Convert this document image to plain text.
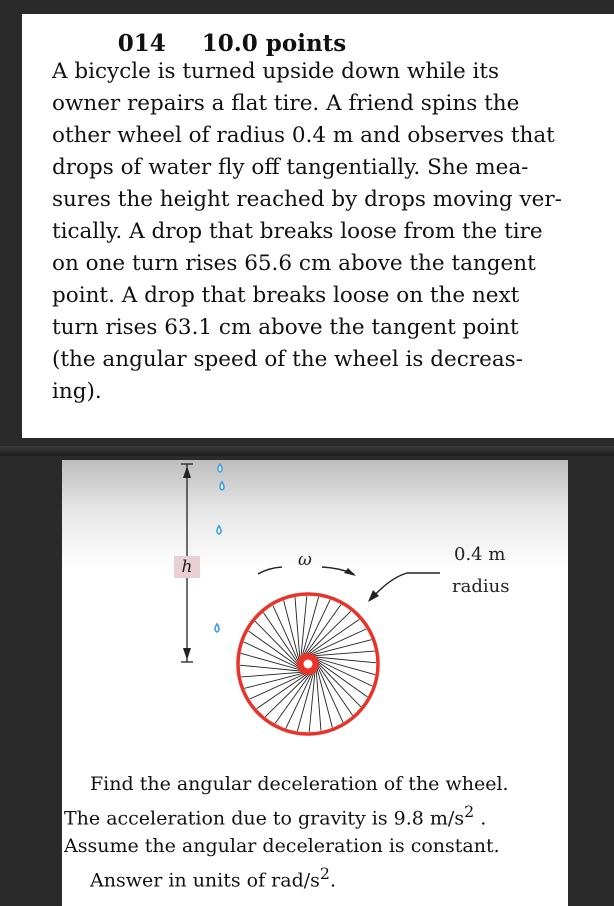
014 10.0 points
A bicycle is turned upside down while its
owner repairs a flat tire. A friend spins the
other wheel of radius 0.4 m and observes that
drops of water fly off tangentially. She mea-
sures the height reached by drops moving ver-
tically. A drop that breaks loose from the tire
on one turn rises 65.6 cm above the tangent
point. A drop that breaks loose on the next
turn rises 63.1 cm above the tangent point
(the angular speed of the wheel is decreas-
ing).
h	ω	0.4 m
radius
Find the angular deceleration of the wheel.
The acceleration due to gravity is 9.8 $m/s^2$ .
Assume the angular deceleration is constant.
Answer in units of rad/$s^2$.
